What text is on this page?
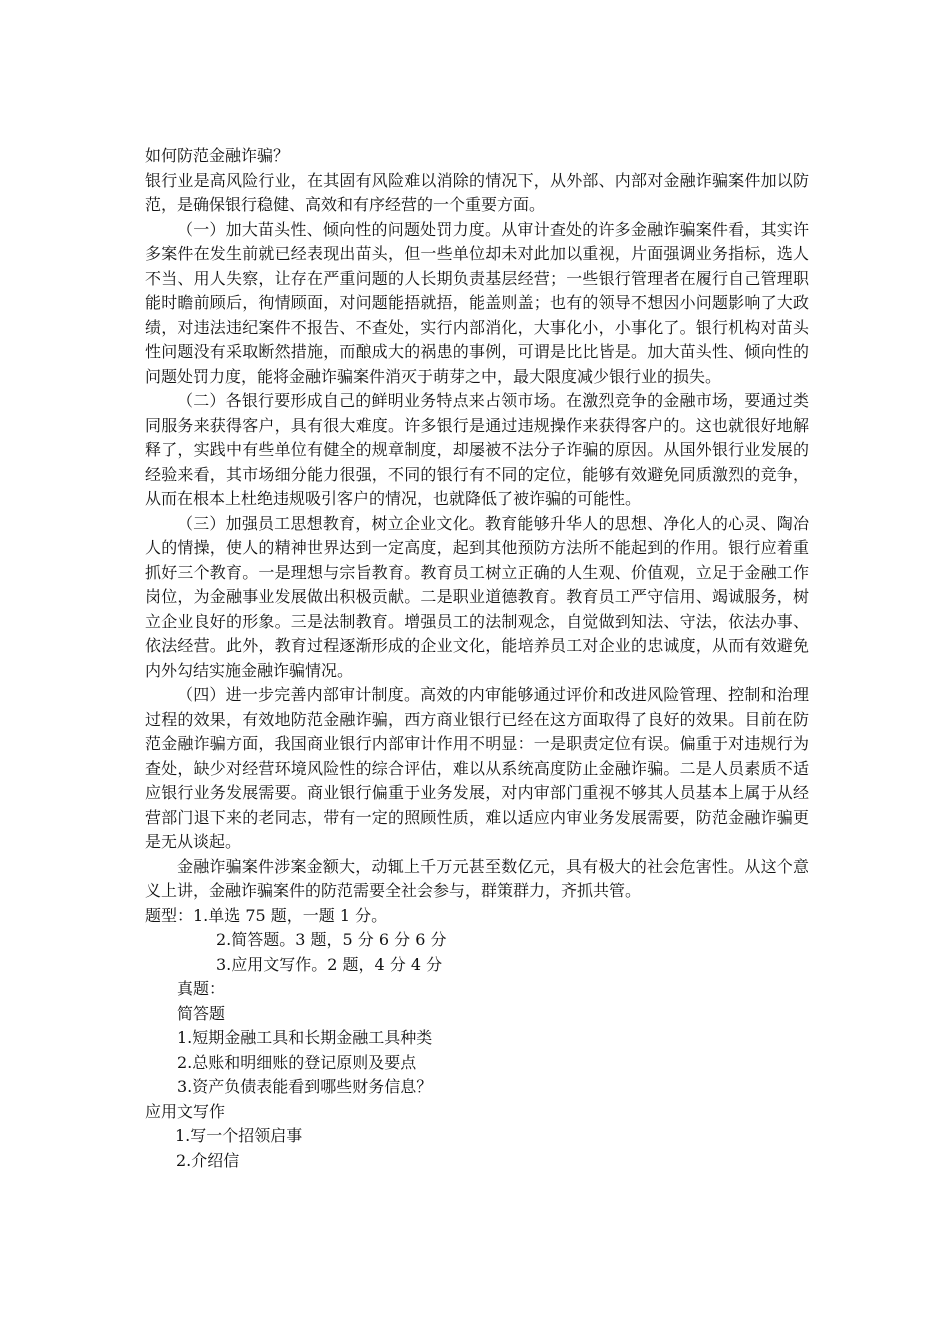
如何防范金融诈骗？

银行业是高风险行业，在其固有风险难以消除的情况下，从外部、内部对金融诈骗案件加以防范，是确保银行稳健、高效和有序经营的一个重要方面。

（一）加大苗头性、倾向性的问题处罚力度。从审计查处的许多金融诈骗案件看，其实许多案件在发生前就已经表现出苗头，但一些单位却未对此加以重视，片面强调业务指标，选人不当、用人失察，让存在严重问题的人长期负责基层经营；一些银行管理者在履行自己管理职能时瞻前顾后，徇情顾面，对问题能捂就捂，能盖则盖；也有的领导不想因小问题影响了大政绩，对违法违纪案件不报告、不查处，实行内部消化，大事化小，小事化了。银行机构对苗头性问题没有采取断然措施，而酿成大的祸患的事例，可谓是比比皆是。加大苗头性、倾向性的问题处罚力度，能将金融诈骗案件消灭于萌芽之中，最大限度减少银行业的损失。

（二）各银行要形成自己的鲜明业务特点来占领市场。在激烈竞争的金融市场，要通过类同服务来获得客户，具有很大难度。许多银行是通过违规操作来获得客户的。这也就很好地解释了，实践中有些单位有健全的规章制度，却屡被不法分子诈骗的原因。从国外银行业发展的经验来看，其市场细分能力很强，不同的银行有不同的定位，能够有效避免同质激烈的竞争，从而在根本上杜绝违规吸引客户的情况，也就降低了被诈骗的可能性。

（三）加强员工思想教育，树立企业文化。教育能够升华人的思想、净化人的心灵、陶冶人的情操，使人的精神世界达到一定高度，起到其他预防方法所不能起到的作用。银行应着重抓好三个教育。一是理想与宗旨教育。教育员工树立正确的人生观、价值观，立足于金融工作岗位，为金融事业发展做出积极贡献。二是职业道德教育。教育员工严守信用、竭诚服务，树立企业良好的形象。三是法制教育。增强员工的法制观念，自觉做到知法、守法，依法办事、依法经营。此外，教育过程逐渐形成的企业文化，能培养员工对企业的忠诚度，从而有效避免内外勾结实施金融诈骗情况。

（四）进一步完善内部审计制度。高效的内审能够通过评价和改进风险管理、控制和治理过程的效果，有效地防范金融诈骗，西方商业银行已经在这方面取得了良好的效果。目前在防范金融诈骗方面，我国商业银行内部审计作用不明显：一是职责定位有误。偏重于对违规行为查处，缺少对经营环境风险性的综合评估，难以从系统高度防止金融诈骗。二是人员素质不适应银行业务发展需要。商业银行偏重于业务发展，对内审部门重视不够其人员基本上属于从经营部门退下来的老同志，带有一定的照顾性质，难以适应内审业务发展需要，防范金融诈骗更是无从谈起。

金融诈骗案件涉案金额大，动辄上千万元甚至数亿元，具有极大的社会危害性。从这个意义上讲，金融诈骗案件的防范需要全社会参与，群策群力，齐抓共管。

题型：1.单选 75 题，一题 1 分。

2.简答题。3 题，5 分 6 分 6 分

3.应用文写作。2 题，4 分 4 分

真题：

简答题

1.短期金融工具和长期金融工具种类

2.总账和明细账的登记原则及要点

3.资产负债表能看到哪些财务信息？

应用文写作

1.写一个招领启事

2.介绍信
